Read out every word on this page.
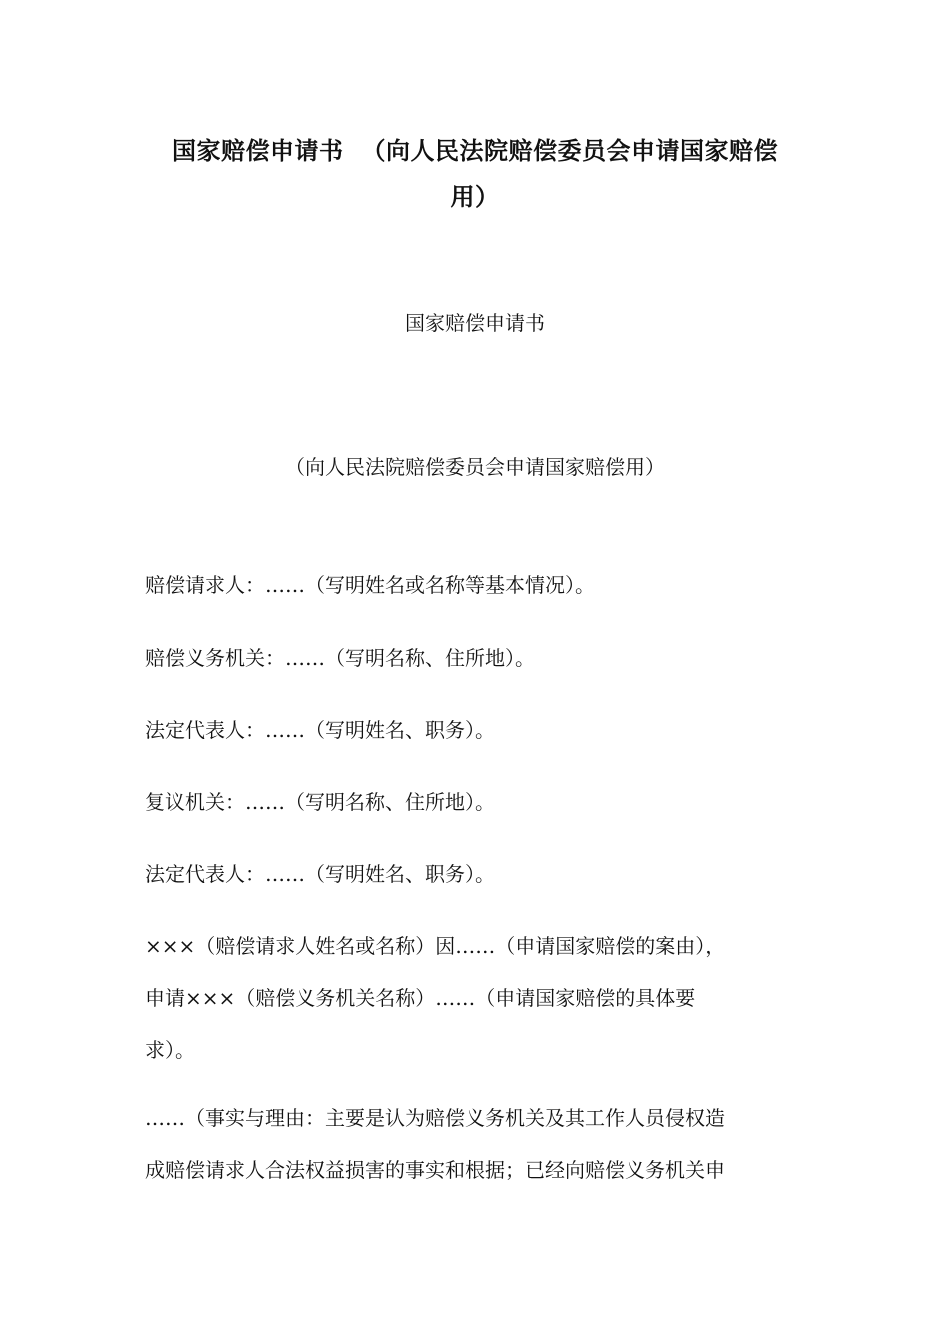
国家赔偿申请书 （向人民法院赔偿委员会申请国家赔偿
用）
国家赔偿申请书
（向人民法院赔偿委员会申请国家赔偿用）
赔偿请求人：……（写明姓名或名称等基本情况）。
赔偿义务机关：……（写明名称、住所地）。
法定代表人：……（写明姓名、职务）。
复议机关：……（写明名称、住所地）。
法定代表人：……（写明姓名、职务）。
×××（赔偿请求人姓名或名称）因……（申请国家赔偿的案由），
申请×××（赔偿义务机关名称）……（申请国家赔偿的具体要
求）。
……（事实与理由：主要是认为赔偿义务机关及其工作人员侵权造
成赔偿请求人合法权益损害的事实和根据；已经向赔偿义务机关申
